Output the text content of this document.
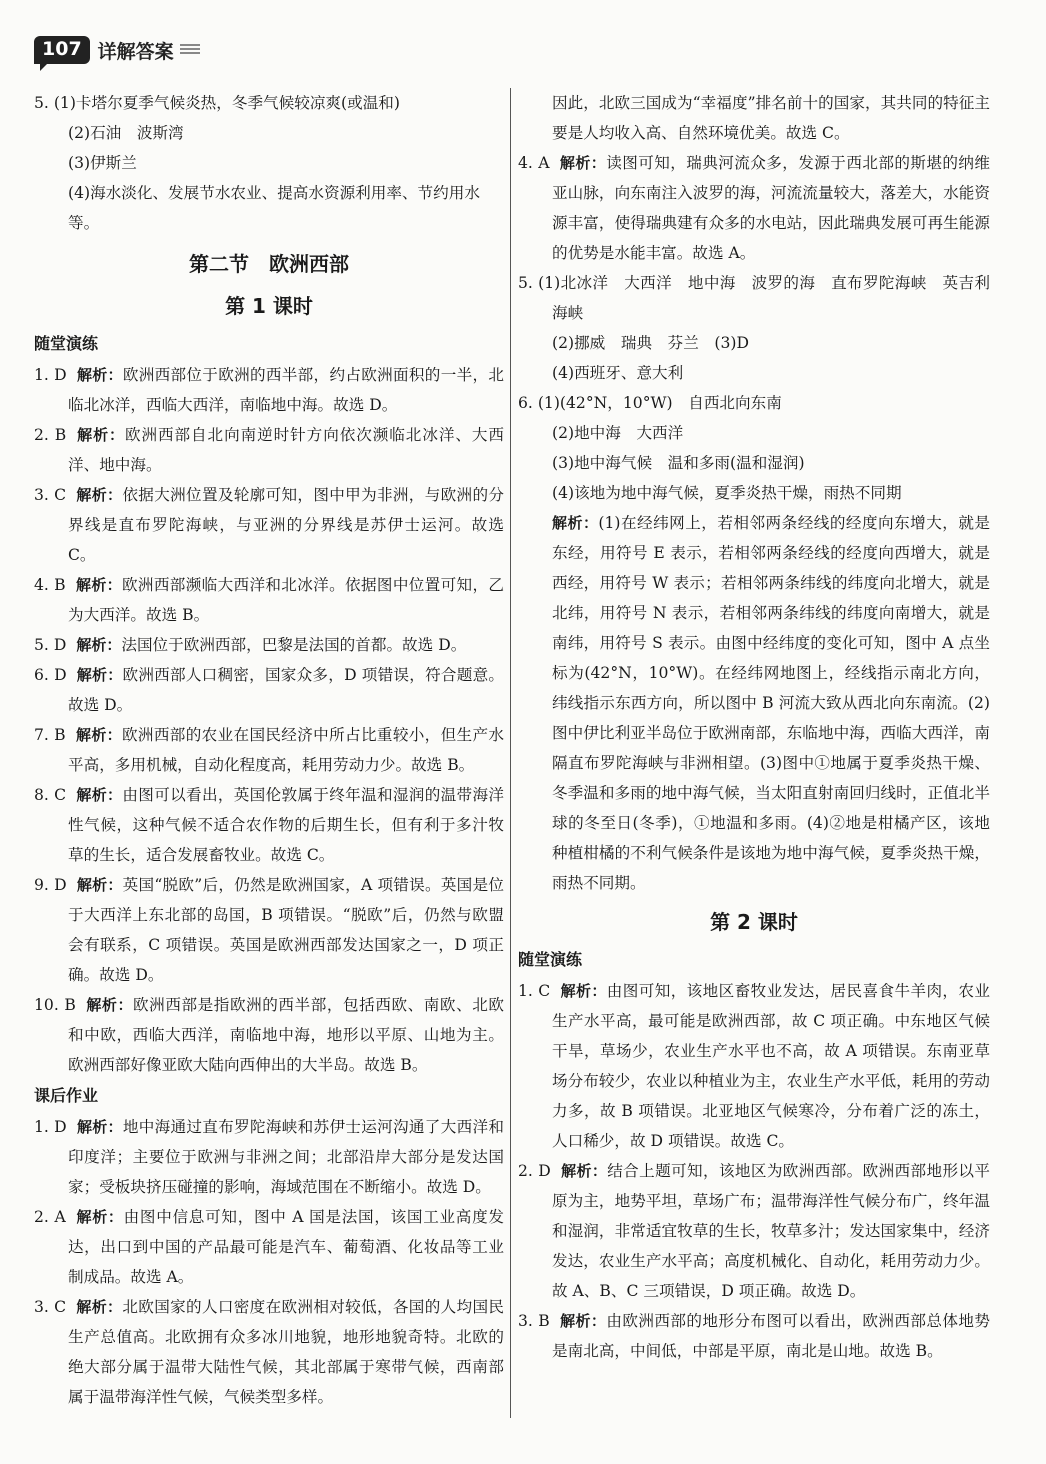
107 详解答案
5. (1)卡塔尔夏季气候炎热，冬季气候较凉爽(或温和)
(2)石油　波斯湾
(3)伊斯兰
(4)海水淡化、发展节水农业、提高水资源利用率、节约用水等。
第二节　欧洲西部
第 1 课时
随堂演练
1. D 解析：欧洲西部位于欧洲的西半部，约占欧洲面积的一半，北临北冰洋，西临大西洋，南临地中海。故选 D。
2. B 解析：欧洲西部自北向南逆时针方向依次濒临北冰洋、大西洋、地中海。
3. C 解析：依据大洲位置及轮廓可知，图中甲为非洲，与欧洲的分界线是直布罗陀海峡，与亚洲的分界线是苏伊士运河。故选 C。
4. B 解析：欧洲西部濒临大西洋和北冰洋。依据图中位置可知，乙为大西洋。故选 B。
5. D 解析：法国位于欧洲西部，巴黎是法国的首都。故选 D。
6. D 解析：欧洲西部人口稠密，国家众多，D 项错误，符合题意。故选 D。
7. B 解析：欧洲西部的农业在国民经济中所占比重较小，但生产水平高，多用机械，自动化程度高，耗用劳动力少。故选 B。
8. C 解析：由图可以看出，英国伦敦属于终年温和湿润的温带海洋性气候，这种气候不适合农作物的后期生长，但有利于多汁牧草的生长，适合发展畜牧业。故选 C。
9. D 解析：英国“脱欧”后，仍然是欧洲国家，A 项错误。英国是位于大西洋上东北部的岛国，B 项错误。“脱欧”后，仍然与欧盟会有联系，C 项错误。英国是欧洲西部发达国家之一，D 项正确。故选 D。
10. B 解析：欧洲西部是指欧洲的西半部，包括西欧、南欧、北欧和中欧，西临大西洋，南临地中海，地形以平原、山地为主。欧洲西部好像亚欧大陆向西伸出的大半岛。故选 B。
课后作业
1. D 解析：地中海通过直布罗陀海峡和苏伊士运河沟通了大西洋和印度洋；主要位于欧洲与非洲之间；北部沿岸大部分是发达国家；受板块挤压碰撞的影响，海域范围在不断缩小。故选 D。
2. A 解析：由图中信息可知，图中 A 国是法国，该国工业高度发达，出口到中国的产品最可能是汽车、葡萄酒、化妆品等工业制成品。故选 A。
3. C 解析：北欧国家的人口密度在欧洲相对较低，各国的人均国民生产总值高。北欧拥有众多冰川地貌，地形地貌奇特。北欧的绝大部分属于温带大陆性气候，其北部属于寒带气候，西南部属于温带海洋性气候，气候类型多样。
因此，北欧三国成为“幸福度”排名前十的国家，其共同的特征主要是人均收入高、自然环境优美。故选 C。
4. A 解析：读图可知，瑞典河流众多，发源于西北部的斯堪的纳维亚山脉，向东南注入波罗的海，河流流量较大，落差大，水能资源丰富，使得瑞典建有众多的水电站，因此瑞典发展可再生能源的优势是水能丰富。故选 A。
5. (1)北冰洋　大西洋　地中海　波罗的海　直布罗陀海峡　英吉利海峡
(2)挪威　瑞典　芬兰　(3)D
(4)西班牙、意大利
6. (1)(42°N，10°W)　自西北向东南
(2)地中海　大西洋
(3)地中海气候　温和多雨(温和湿润)
(4)该地为地中海气候，夏季炎热干燥，雨热不同期
解析：(1)在经纬网上，若相邻两条经线的经度向东增大，就是东经，用符号 E 表示，若相邻两条经线的经度向西增大，就是西经，用符号 W 表示；若相邻两条纬线的纬度向北增大，就是北纬，用符号 N 表示，若相邻两条纬线的纬度向南增大，就是南纬，用符号 S 表示。由图中经纬度的变化可知，图中 A 点坐标为(42°N，10°W)。在经纬网地图上，经线指示南北方向，纬线指示东西方向，所以图中 B 河流大致从西北向东南流。(2)图中伊比利亚半岛位于欧洲南部，东临地中海，西临大西洋，南隔直布罗陀海峡与非洲相望。(3)图中①地属于夏季炎热干燥、冬季温和多雨的地中海气候，当太阳直射南回归线时，正值北半球的冬至日(冬季)，①地温和多雨。(4)②地是柑橘产区，该地种植柑橘的不利气候条件是该地为地中海气候，夏季炎热干燥，雨热不同期。
第 2 课时
随堂演练
1. C 解析：由图可知，该地区畜牧业发达，居民喜食牛羊肉，农业生产水平高，最可能是欧洲西部，故 C 项正确。中东地区气候干旱，草场少，农业生产水平也不高，故 A 项错误。东南亚草场分布较少，农业以种植业为主，农业生产水平低，耗用的劳动力多，故 B 项错误。北亚地区气候寒冷，分布着广泛的冻土，人口稀少，故 D 项错误。故选 C。
2. D 解析：结合上题可知，该地区为欧洲西部。欧洲西部地形以平原为主，地势平坦，草场广布；温带海洋性气候分布广，终年温和湿润，非常适宜牧草的生长，牧草多汁；发达国家集中，经济发达，农业生产水平高；高度机械化、自动化，耗用劳动力少。故 A、B、C 三项错误，D 项正确。故选 D。
3. B 解析：由欧洲西部的地形分布图可以看出，欧洲西部总体地势是南北高，中间低，中部是平原，南北是山地。故选 B。
